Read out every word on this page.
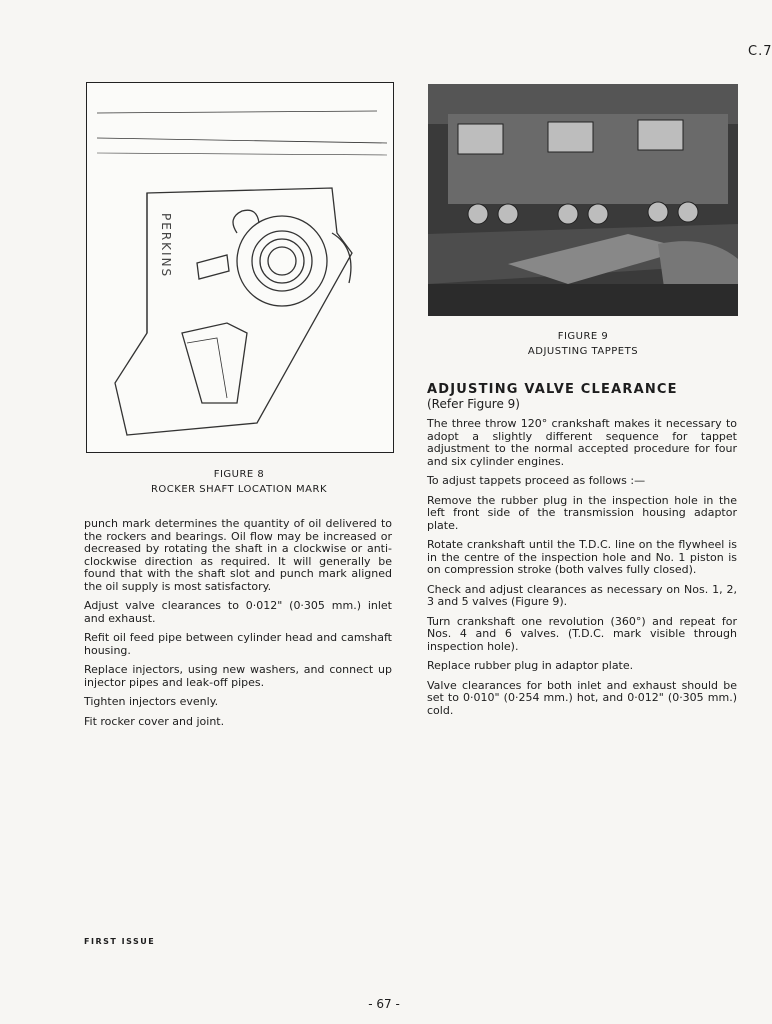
C.7
PERKINS
FIGURE 8
ROCKER SHAFT LOCATION MARK
FIGURE 9
ADJUSTING TAPPETS

punch mark determines the quantity of oil delivered to the rockers and bearings. Oil flow may be increased or decreased by rotating the shaft in a clockwise or anti-clockwise direction as required. It will generally be found that with the shaft slot and punch mark aligned the oil supply is most satisfactory.

Adjust valve clearances to 0·012" (0·305 mm.) inlet and exhaust.

Refit oil feed pipe between cylinder head and camshaft housing.

Replace injectors, using new washers, and connect up injector pipes and leak-off pipes.

Tighten injectors evenly.

Fit rocker cover and joint.

ADJUSTING VALVE CLEARANCE
(Refer Figure 9)

The three throw 120° crankshaft makes it necessary to adopt a slightly different sequence for tappet adjustment to the normal accepted procedure for four and six cylinder engines.

To adjust tappets proceed as follows :—

Remove the rubber plug in the inspection hole in the left front side of the transmission housing adaptor plate.

Rotate crankshaft until the T.D.C. line on the flywheel is in the centre of the inspection hole and No. 1 piston is on compression stroke (both valves fully closed).

Check and adjust clearances as necessary on Nos. 1, 2, 3 and 5 valves (Figure 9).

Turn crankshaft one revolution (360°) and repeat for Nos. 4 and 6 valves. (T.D.C. mark visible through inspection hole).

Replace rubber plug in adaptor plate.

Valve clearances for both inlet and exhaust should be set to 0·010" (0·254 mm.) hot, and 0·012" (0·305 mm.) cold.

FIRST ISSUE
- 67 -
